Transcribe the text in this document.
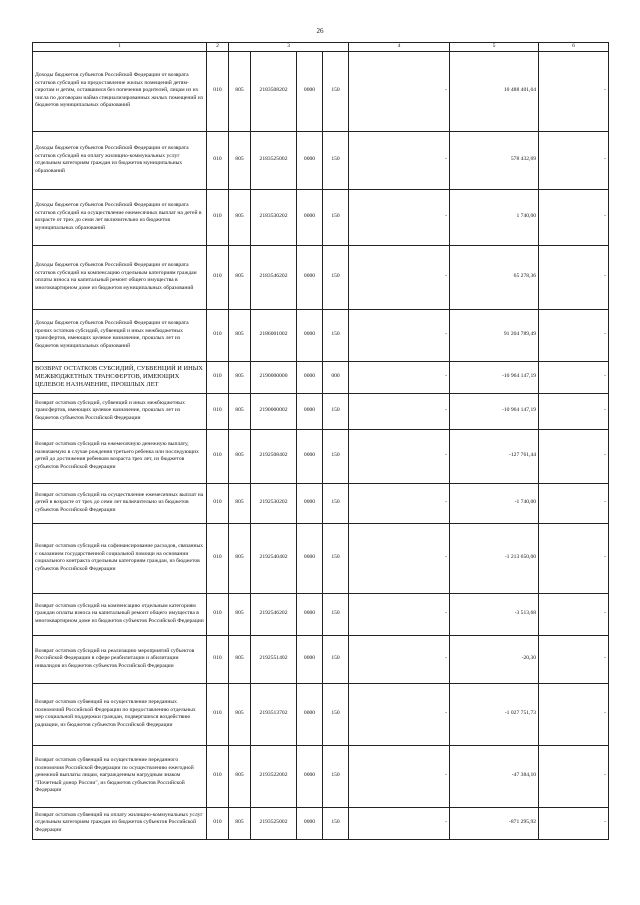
26
1	2	3				4	5	6
Доходы бюджетов субъектов Российской Федерации от возврата остатков субсидий на предоставление жилых помещений детям-сиротам и детям, оставшимся без попечения родителей, лицам из их числа по договорам найма специализированных жилых помещений из бюджетов муниципальных образований	010	805	2183508202	0000	150	-	10 488 401,64	-
Доходы бюджетов субъектов Российской Федерации от возврата остатков субсидий на оплату жилищно-коммунальных услуг отдельным категориям граждан из бюджетов муниципальных образований	010	805	2183525002	0000	150	-	578 432,69	-
Доходы бюджетов субъектов Российской Федерации от возврата остатков субсидий на осуществление ежемесячных выплат на детей в возрасте от трех до семи лет включительно из бюджетов муниципальных образований	010	805	2183530202	0000	150	-	1 740,00	-
Доходы бюджетов субъектов Российской Федерации от возврата остатков субсидий на компенсацию отдельным категориям граждан оплаты взноса на капитальный ремонт общего имущества в многоквартирном доме из бюджетов муниципальных образований	010	805	2183546202	0000	150	-	65 278,36	-
Доходы бюджетов субъектов Российской Федерации от возврата прочих остатков субсидий, субвенций и иных межбюджетных трансфертов, имеющих целевое назначение, прошлых лет из бюджетов муниципальных образований	010	805	2186001002	0000	150	-	91 204 789,49	-
ВОЗВРАТ ОСТАТКОВ СУБСИДИЙ, СУБВЕНЦИЙ И ИНЫХ МЕЖБЮДЖЕТНЫХ ТРАНСФЕРТОВ, ИМЕЮЩИХ ЦЕЛЕВОЕ НАЗНАЧЕНИЕ, ПРОШЛЫХ ЛЕТ	010	805	2190000000	0000	000	-	-10 964 147,19	-
Возврат остатков субсидий, субвенций и иных межбюджетных трансфертов, имеющих целевое назначение, прошлых лет из бюджетов субъектов Российской Федерации	010	805	2190000002	0000	150	-	-10 964 147,19	-
Возврат остатков субсидий на ежемесячную денежную выплату, назначаемую в случае рождения третьего ребенка или последующих детей до достижения ребенком возраста трех лет, из бюджетов субъектов Российской Федерации	010	805	2192508402	0000	150	-	-127 761,44	-
Возврат остатков субсидий на осуществление ежемесячных выплат на детей в возрасте от трех до семи лет включительно из бюджетов субъектов Российской Федерации	010	805	2192530202	0000	150	-	-1 740,00	-
Возврат остатков субсидий на софинансирование расходов, связанных с оказанием государственной социальной помощи на основании социального контракта отдельным категориям граждан, из бюджетов субъектов Российской Федерации	010	805	2192540402	0000	150	-	-1 213 650,00	-
Возврат остатков субсидий на компенсацию отдельным категориям граждан оплаты взноса на капитальный ремонт общего имущества в многоквартирном доме из бюджетов субъектов Российской Федерации	010	805	2192546202	0000	150	-	-3 513,68	-
Возврат остатков субсидий на реализацию мероприятий субъектов Российской Федерации в сфере реабилитации и абилитации инвалидов из бюджетов субъектов Российской Федерации	010	805	2192551402	0000	150	-	-20,30	-
Возврат остатков субвенций на осуществление переданных полномочий Российской Федерации по предоставлению отдельных мер социальной поддержки граждан, подвергшихся воздействию радиации, из бюджетов субъектов Российской Федерации	010	805	2193513702	0000	150	-	-1 027 751,73	-
Возврат остатков субвенций на осуществление переданного полномочия Российской Федерации по осуществлению ежегодной денежной выплаты лицам, награжденным нагрудным знаком "Почетный донор России", из бюджетов субъектов Российской Федерации	010	805	2193522002	0000	150	-	-47 384,10	-
Возврат остатков субвенций на оплату жилищно-коммунальных услуг отдельным категориям граждан из бюджетов субъектов Российской Федерации	010	805	2193525002	0000	150	-	-871 295,92	-
